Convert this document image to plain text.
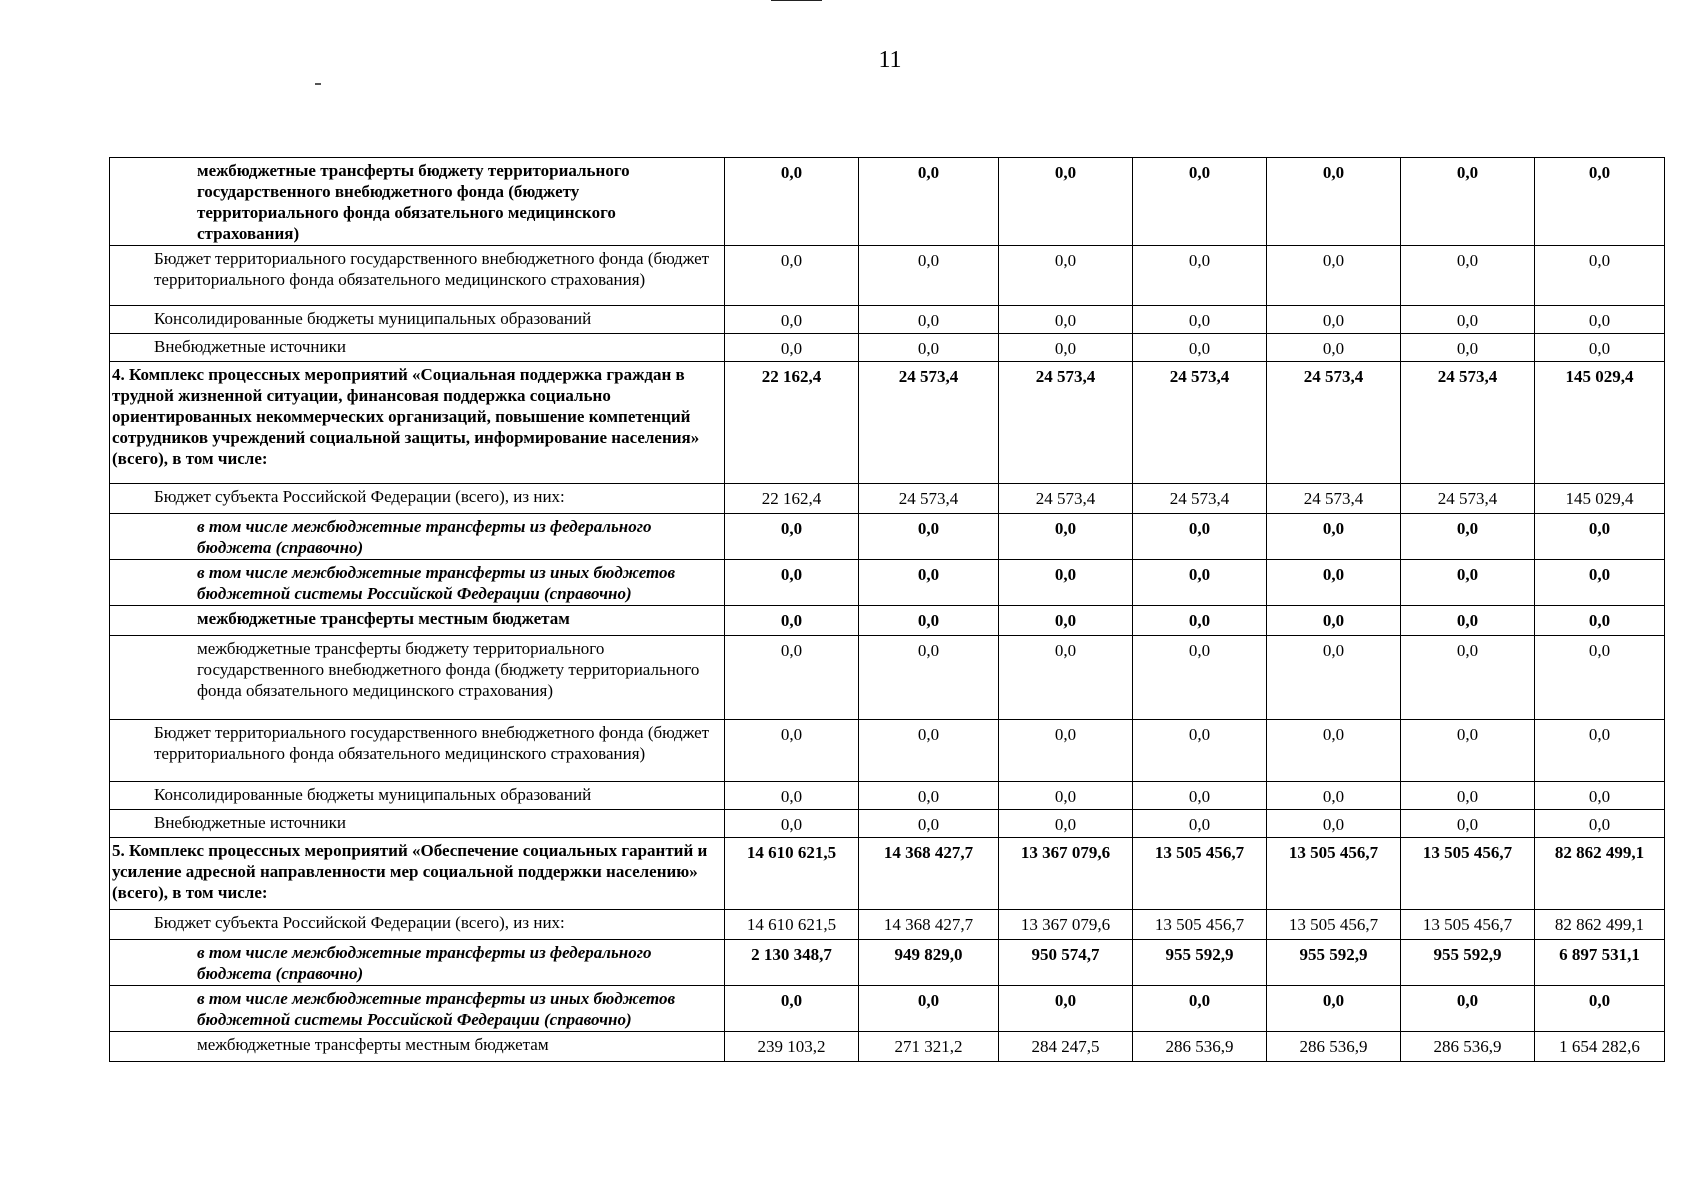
11
межбюджетные трансферты бюджету территориального государственного внебюджетного фонда (бюджету территориального фонда обязательного медицинского страхования)	0,0	0,0	0,0	0,0	0,0	0,0	0,0
Бюджет территориального государственного внебюджетного фонда (бюджет территориального фонда обязательного медицинского страхования)	0,0	0,0	0,0	0,0	0,0	0,0	0,0
Консолидированные бюджеты муниципальных образований	0,0	0,0	0,0	0,0	0,0	0,0	0,0
Внебюджетные источники	0,0	0,0	0,0	0,0	0,0	0,0	0,0
4. Комплекс процессных мероприятий «Социальная поддержка граждан в трудной жизненной ситуации, финансовая поддержка социально ориентированных некоммерческих организаций, повышение компетенций сотрудников учреждений социальной защиты, информирование населения» (всего), в том числе:	22 162,4	24 573,4	24 573,4	24 573,4	24 573,4	24 573,4	145 029,4
Бюджет субъекта Российской Федерации (всего), из них:	22 162,4	24 573,4	24 573,4	24 573,4	24 573,4	24 573,4	145 029,4
в том числе межбюджетные трансферты из федерального бюджета (справочно)	0,0	0,0	0,0	0,0	0,0	0,0	0,0
в том числе межбюджетные трансферты из иных бюджетов бюджетной системы Российской Федерации (справочно)	0,0	0,0	0,0	0,0	0,0	0,0	0,0
межбюджетные трансферты местным бюджетам	0,0	0,0	0,0	0,0	0,0	0,0	0,0
межбюджетные трансферты бюджету территориального государственного внебюджетного фонда (бюджету территориального фонда обязательного медицинского страхования)	0,0	0,0	0,0	0,0	0,0	0,0	0,0
Бюджет территориального государственного внебюджетного фонда (бюджет территориального фонда обязательного медицинского страхования)	0,0	0,0	0,0	0,0	0,0	0,0	0,0
Консолидированные бюджеты муниципальных образований	0,0	0,0	0,0	0,0	0,0	0,0	0,0
Внебюджетные источники	0,0	0,0	0,0	0,0	0,0	0,0	0,0
5. Комплекс процессных мероприятий «Обеспечение социальных гарантий и усиление адресной направленности мер социальной поддержки населению» (всего), в том числе:	14 610 621,5	14 368 427,7	13 367 079,6	13 505 456,7	13 505 456,7	13 505 456,7	82 862 499,1
Бюджет субъекта Российской Федерации (всего), из них:	14 610 621,5	14 368 427,7	13 367 079,6	13 505 456,7	13 505 456,7	13 505 456,7	82 862 499,1
в том числе межбюджетные трансферты из федерального бюджета (справочно)	2 130 348,7	949 829,0	950 574,7	955 592,9	955 592,9	955 592,9	6 897 531,1
в том числе межбюджетные трансферты из иных бюджетов бюджетной системы Российской Федерации (справочно)	0,0	0,0	0,0	0,0	0,0	0,0	0,0
межбюджетные трансферты местным бюджетам	239 103,2	271 321,2	284 247,5	286 536,9	286 536,9	286 536,9	1 654 282,6
